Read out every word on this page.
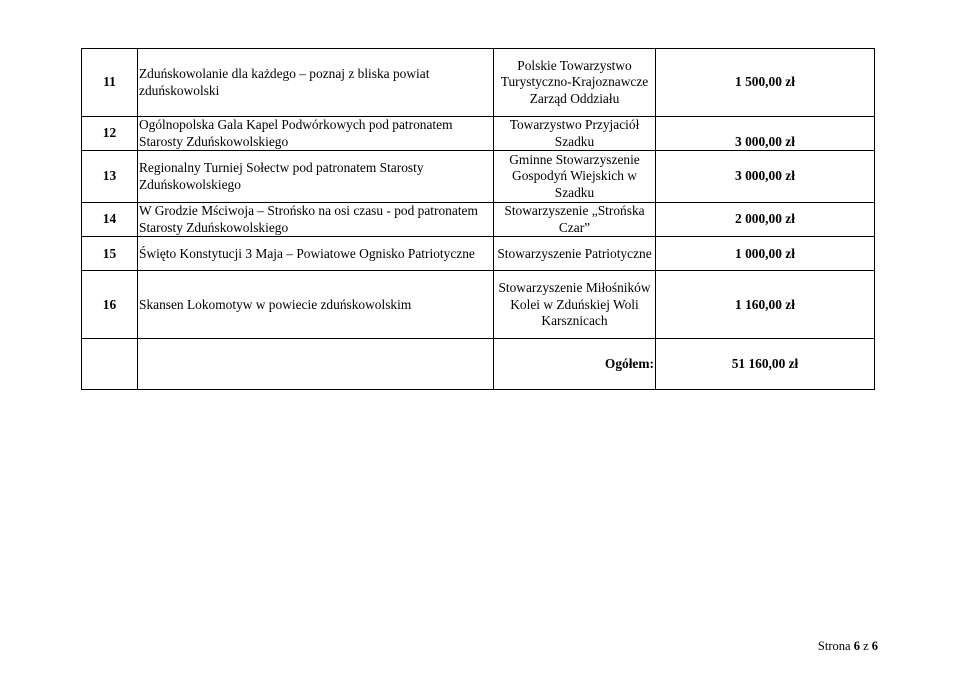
11	Zduńskowolanie dla każdego – poznaj z bliska powiat zduńskowolski	Polskie Towarzystwo Turystyczno-Krajoznawcze Zarząd Oddziału	1 500,00 zł
12	Ogólnopolska Gala Kapel Podwórkowych pod patronatem Starosty Zduńskowolskiego	Towarzystwo Przyjaciół Szadku	3 000,00 zł
13	Regionalny Turniej Sołectw pod patronatem Starosty Zduńskowolskiego	Gminne Stowarzyszenie Gospodyń Wiejskich w Szadku	3 000,00 zł
14	W Grodzie Mściwoja – Strońsko na osi czasu - pod patronatem Starosty Zduńskowolskiego	Stowarzyszenie „Strońska Czar”	2 000,00 zł
15	Święto Konstytucji 3 Maja – Powiatowe Ognisko Patriotyczne	Stowarzyszenie Patriotyczne	1 000,00 zł
16	Skansen Lokomotyw w powiecie zduńskowolskim	Stowarzyszenie Miłośników Kolei w Zduńskiej Woli Karsznicach	1 160,00 zł
		Ogółem:	51 160,00 zł
Strona 6 z 6
